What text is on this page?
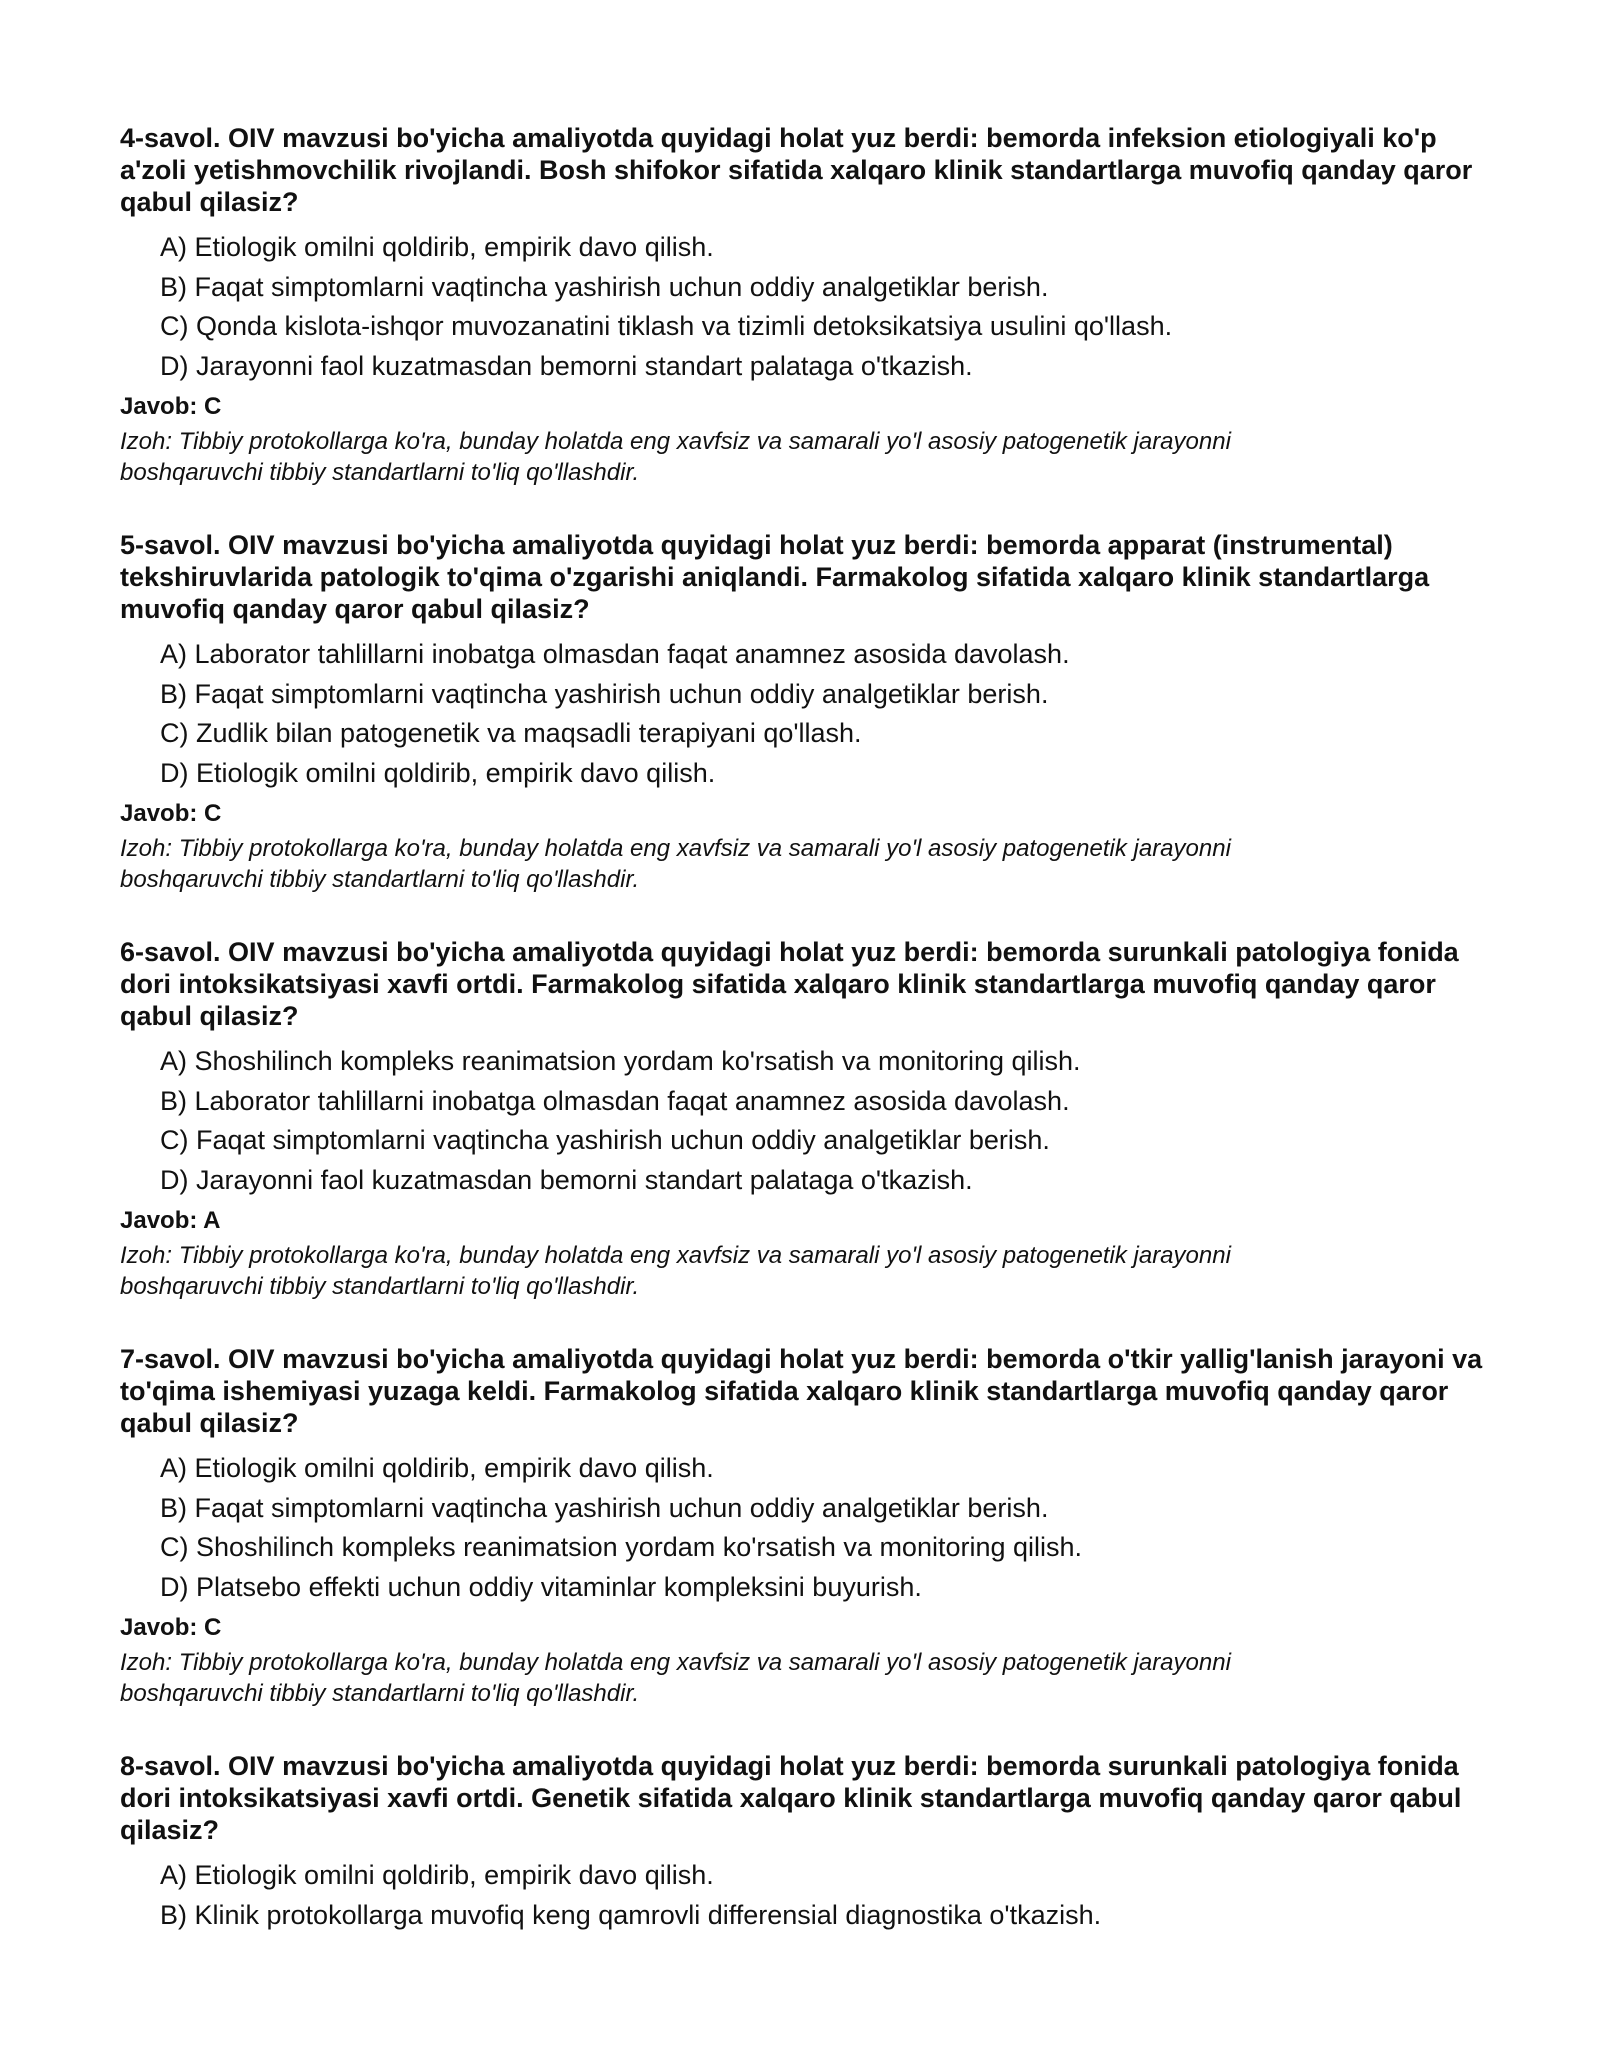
4-savol. OIV mavzusi bo'yicha amaliyotda quyidagi holat yuz berdi: bemorda infeksion etiologiyali ko'p a'zoli yetishmovchilik rivojlandi. Bosh shifokor sifatida xalqaro klinik standartlarga muvofiq qanday qaror qabul qilasiz?
A) Etiologik omilni qoldirib, empirik davo qilish.
B) Faqat simptomlarni vaqtincha yashirish uchun oddiy analgetiklar berish.
C) Qonda kislota-ishqor muvozanatini tiklash va tizimli detoksikatsiya usulini qo'llash.
D) Jarayonni faol kuzatmasdan bemorni standart palataga o'tkazish.
Javob: C
Izoh: Tibbiy protokollarga ko'ra, bunday holatda eng xavfsiz va samarali yo'l asosiy patogenetik jarayonni boshqaruvchi tibbiy standartlarni to'liq qo'llashdir.
5-savol. OIV mavzusi bo'yicha amaliyotda quyidagi holat yuz berdi: bemorda apparat (instrumental) tekshiruvlarida patologik to'qima o'zgarishi aniqlandi. Farmakolog sifatida xalqaro klinik standartlarga muvofiq qanday qaror qabul qilasiz?
A) Laborator tahlillarni inobatga olmasdan faqat anamnez asosida davolash.
B) Faqat simptomlarni vaqtincha yashirish uchun oddiy analgetiklar berish.
C) Zudlik bilan patogenetik va maqsadli terapiyani qo'llash.
D) Etiologik omilni qoldirib, empirik davo qilish.
Javob: C
Izoh: Tibbiy protokollarga ko'ra, bunday holatda eng xavfsiz va samarali yo'l asosiy patogenetik jarayonni boshqaruvchi tibbiy standartlarni to'liq qo'llashdir.
6-savol. OIV mavzusi bo'yicha amaliyotda quyidagi holat yuz berdi: bemorda surunkali patologiya fonida dori intoksikatsiyasi xavfi ortdi. Farmakolog sifatida xalqaro klinik standartlarga muvofiq qanday qaror qabul qilasiz?
A) Shoshilinch kompleks reanimatsion yordam ko'rsatish va monitoring qilish.
B) Laborator tahlillarni inobatga olmasdan faqat anamnez asosida davolash.
C) Faqat simptomlarni vaqtincha yashirish uchun oddiy analgetiklar berish.
D) Jarayonni faol kuzatmasdan bemorni standart palataga o'tkazish.
Javob: A
Izoh: Tibbiy protokollarga ko'ra, bunday holatda eng xavfsiz va samarali yo'l asosiy patogenetik jarayonni boshqaruvchi tibbiy standartlarni to'liq qo'llashdir.
7-savol. OIV mavzusi bo'yicha amaliyotda quyidagi holat yuz berdi: bemorda o'tkir yallig'lanish jarayoni va to'qima ishemiyasi yuzaga keldi. Farmakolog sifatida xalqaro klinik standartlarga muvofiq qanday qaror qabul qilasiz?
A) Etiologik omilni qoldirib, empirik davo qilish.
B) Faqat simptomlarni vaqtincha yashirish uchun oddiy analgetiklar berish.
C) Shoshilinch kompleks reanimatsion yordam ko'rsatish va monitoring qilish.
D) Platsebo effekti uchun oddiy vitaminlar kompleksini buyurish.
Javob: C
Izoh: Tibbiy protokollarga ko'ra, bunday holatda eng xavfsiz va samarali yo'l asosiy patogenetik jarayonni boshqaruvchi tibbiy standartlarni to'liq qo'llashdir.
8-savol. OIV mavzusi bo'yicha amaliyotda quyidagi holat yuz berdi: bemorda surunkali patologiya fonida dori intoksikatsiyasi xavfi ortdi. Genetik sifatida xalqaro klinik standartlarga muvofiq qanday qaror qabul qilasiz?
A) Etiologik omilni qoldirib, empirik davo qilish.
B) Klinik protokollarga muvofiq keng qamrovli differensial diagnostika o'tkazish.
